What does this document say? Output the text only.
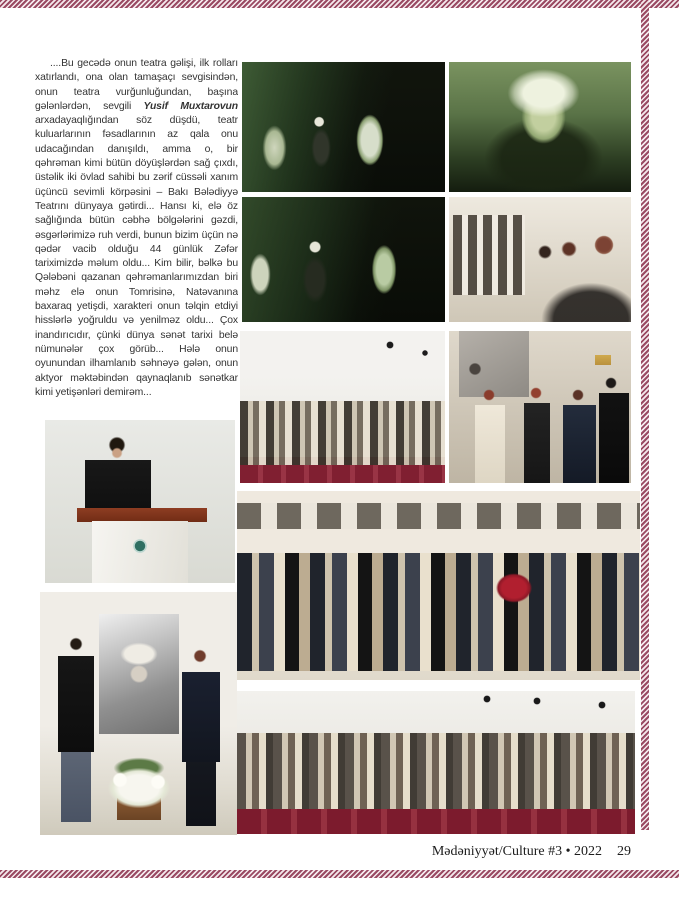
....Bu gecədə onun teatra gəlişi, ilk rolları xatırlandı, ona olan tamaşaçı sevgisindən, onun teatra vurğunluğundan, başına gələnlərdən, sevgili Yusif Muxtarovun arxadayaqlığından söz düşdü, teatr kuluarlarının fəsadlarının az qala onu udacağından danışıldı, amma o, bir qəhrəman kimi bütün döyüşlərdən sağ çıxdı, üstəlik iki övlad sahibi bu zərif cüssəli xanım üçüncü sevimli körpəsini – Bakı Bələdiyyə Teatrını dünyaya gətirdi... Hansı ki, elə öz sağlığında bütün cəbhə bölgələrini gəzdi, əsgərlərimizə ruh verdi, bunun bizim üçün nə qədər vacib olduğu 44 günlük Zəfər tariximizdə məlum oldu... Kim bilir, bəlkə bu Qələbəni qazanan qəhrəmanlarımızdan biri məhz elə onun Tomrisinə, Natəvanına baxaraq yetişdi, xarakteri onun təlqin etdiyi hisslərlə yoğruldu və yenilməz oldu... Çox inandırıcıdır, çünki dünya sənət tarixi belə nümunələr çox görüb... Hələ onun oyunundan ilhamlanıb səhnəyə gələn, onun aktyor məktəbindən qaynaqlanıb sənətkar kimi yetişənləri demirəm...

Mədəniyyət/Culture #3 • 2022 29
